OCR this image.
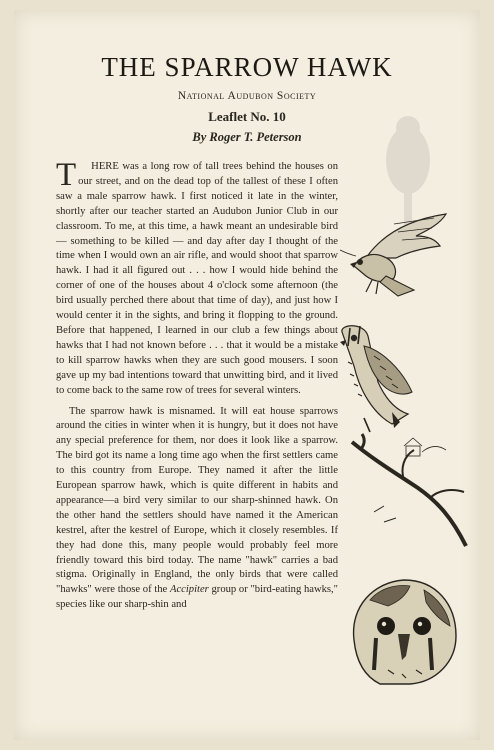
THE SPARROW HAWK
National Audubon Society
Leaflet No. 10
By Roger T. Peterson

T HERE was a long row of tall trees behind the houses on our street, and on the dead top of the tallest of these I often saw a male sparrow hawk. I first noticed it late in the winter, shortly after our teacher started an Audubon Junior Club in our classroom. To me, at this time, a hawk meant an undesirable bird — something to be killed — and day after day I thought of the time when I would own an air rifle, and would shoot that sparrow hawk. I had it all figured out . . . how I would hide behind the corner of one of the houses about 4 o'clock some afternoon (the bird usually perched there about that time of day), and just how I would center it in the sights, and bring it flopping to the ground. Before that happened, I learned in our club a few things about hawks that I had not known before . . . that it would be a mistake to kill sparrow hawks when they are such good mousers. I soon gave up my bad intentions toward that unwitting bird, and it lived to come back to the same row of trees for several winters.

The sparrow hawk is misnamed. It will eat house sparrows around the cities in winter when it is hungry, but it does not have any special preference for them, nor does it look like a sparrow. The bird got its name a long time ago when the first settlers came to this country from Europe. They named it after the little European sparrow hawk, which is quite different in habits and appearance—a bird very similar to our sharp-shinned hawk. On the other hand the settlers should have named it the American kestrel, after the kestrel of Europe, which it closely resembles. If they had done this, many people would probably feel more friendly toward this bird today. The name "hawk" carries a bad stigma. Originally in England, the only birds that were called "hawks" were those of the Accipiter group or "bird-eating hawks," species like our sharp-shin and
